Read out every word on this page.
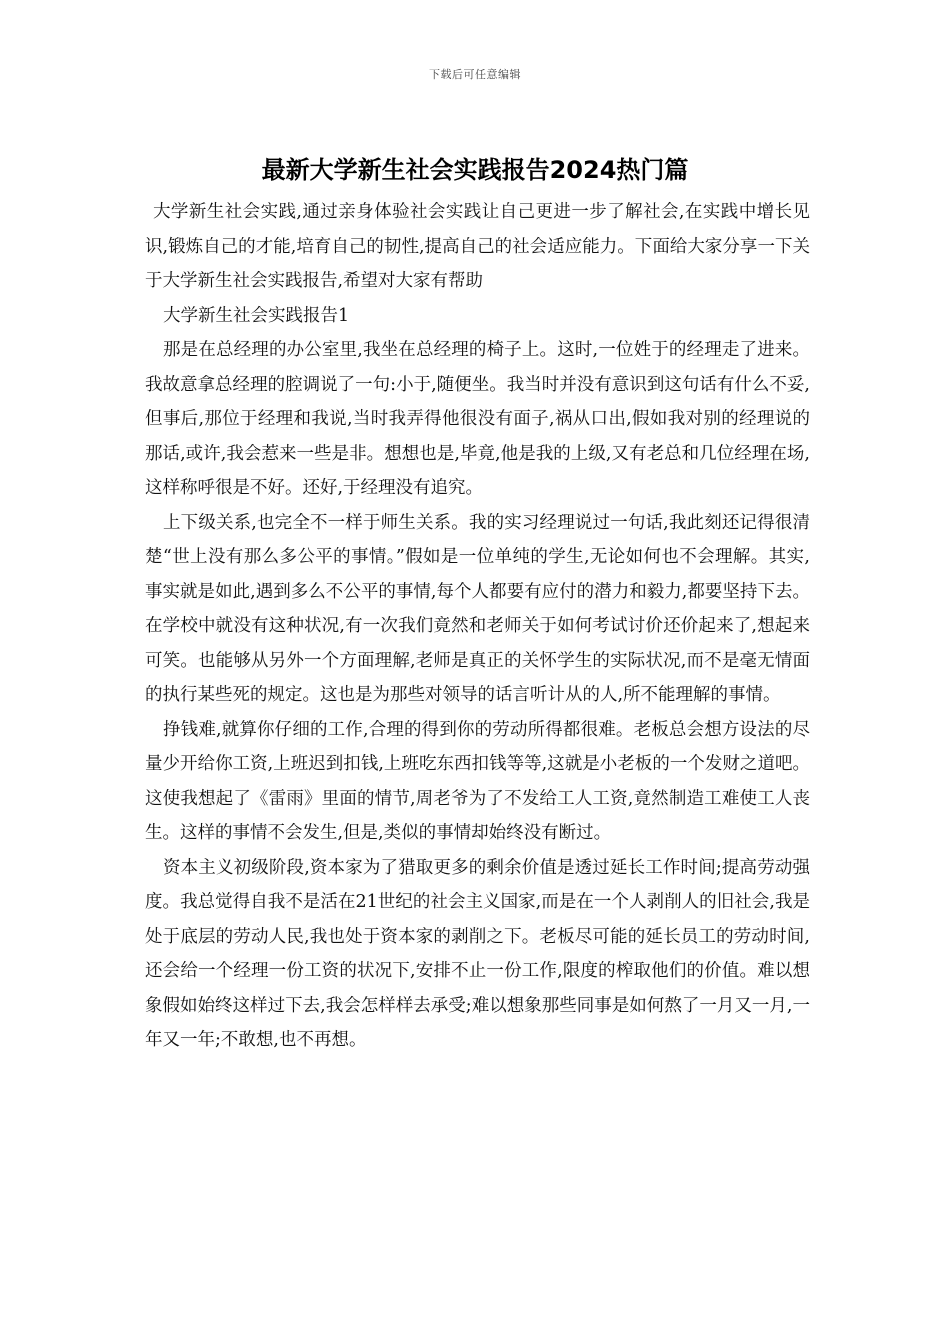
下载后可任意编辑
最新大学新生社会实践报告2024热门篇

大学新生社会实践,通过亲身体验社会实践让自己更进一步了解社会,在实践中增长见识,锻炼自己的才能,培育自己的韧性,提高自己的社会适应能力。下面给大家分享一下关于大学新生社会实践报告,希望对大家有帮助

大学新生社会实践报告1

那是在总经理的办公室里,我坐在总经理的椅子上。这时,一位姓于的经理走了进来。我故意拿总经理的腔调说了一句:小于,随便坐。我当时并没有意识到这句话有什么不妥,但事后,那位于经理和我说,当时我弄得他很没有面子,祸从口出,假如我对别的经理说的那话,或许,我会惹来一些是非。想想也是,毕竟,他是我的上级,又有老总和几位经理在场,这样称呼很是不好。还好,于经理没有追究。

上下级关系,也完全不一样于师生关系。我的实习经理说过一句话,我此刻还记得很清楚“世上没有那么多公平的事情。”假如是一位单纯的学生,无论如何也不会理解。其实,事实就是如此,遇到多么不公平的事情,每个人都要有应付的潜力和毅力,都要坚持下去。在学校中就没有这种状况,有一次我们竟然和老师关于如何考试讨价还价起来了,想起来可笑。也能够从另外一个方面理解,老师是真正的关怀学生的实际状况,而不是毫无情面的执行某些死的规定。这也是为那些对领导的话言听计从的人,所不能理解的事情。

挣钱难,就算你仔细的工作,合理的得到你的劳动所得都很难。老板总会想方设法的尽量少开给你工资,上班迟到扣钱,上班吃东西扣钱等等,这就是小老板的一个发财之道吧。这使我想起了《雷雨》里面的情节,周老爷为了不发给工人工资,竟然制造工难使工人丧生。这样的事情不会发生,但是,类似的事情却始终没有断过。

资本主义初级阶段,资本家为了猎取更多的剩余价值是透过延长工作时间;提高劳动强度。我总觉得自我不是活在21世纪的社会主义国家,而是在一个人剥削人的旧社会,我是处于底层的劳动人民,我也处于资本家的剥削之下。老板尽可能的延长员工的劳动时间,还会给一个经理一份工资的状况下,安排不止一份工作,限度的榨取他们的价值。难以想象假如始终这样过下去,我会怎样样去承受;难以想象那些同事是如何熬了一月又一月,一年又一年;不敢想,也不再想。
